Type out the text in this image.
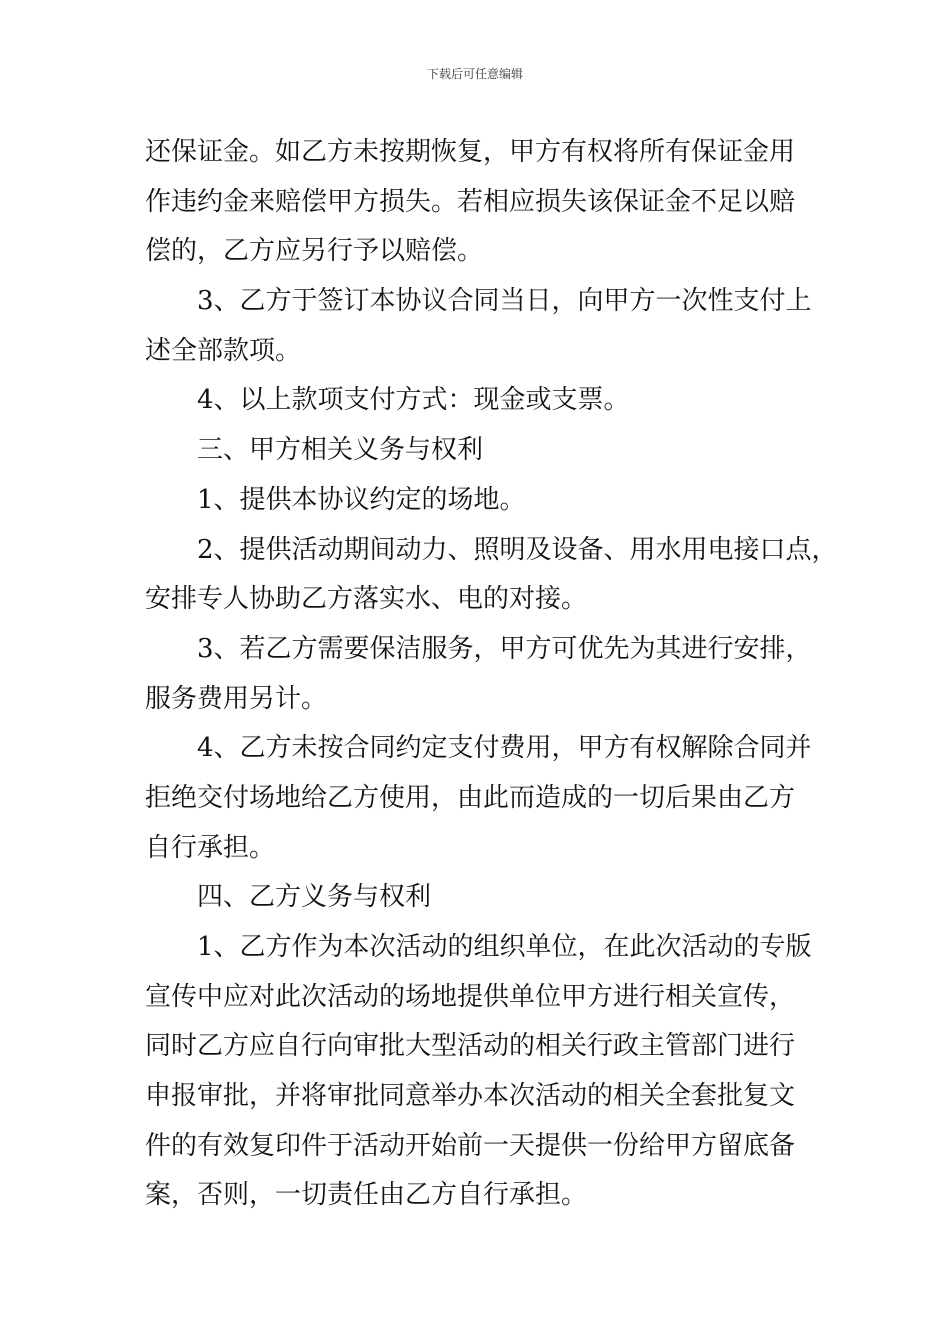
下载后可任意编辑
还保证金。如乙方未按期恢复，甲方有权将所有保证金用
作违约金来赔偿甲方损失。若相应损失该保证金不足以赔
偿的，乙方应另行予以赔偿。
3、乙方于签订本协议合同当日，向甲方一次性支付上
述全部款项。
4、以上款项支付方式：现金或支票。
三、甲方相关义务与权利
1、提供本协议约定的场地。
2、提供活动期间动力、照明及设备、用水用电接口点，
安排专人协助乙方落实水、电的对接。
3、若乙方需要保洁服务，甲方可优先为其进行安排，
服务费用另计。
4、乙方未按合同约定支付费用，甲方有权解除合同并
拒绝交付场地给乙方使用，由此而造成的一切后果由乙方
自行承担。
四、乙方义务与权利
1、乙方作为本次活动的组织单位，在此次活动的专版
宣传中应对此次活动的场地提供单位甲方进行相关宣传，
同时乙方应自行向审批大型活动的相关行政主管部门进行
申报审批，并将审批同意举办本次活动的相关全套批复文
件的有效复印件于活动开始前一天提供一份给甲方留底备
案，否则，一切责任由乙方自行承担。
